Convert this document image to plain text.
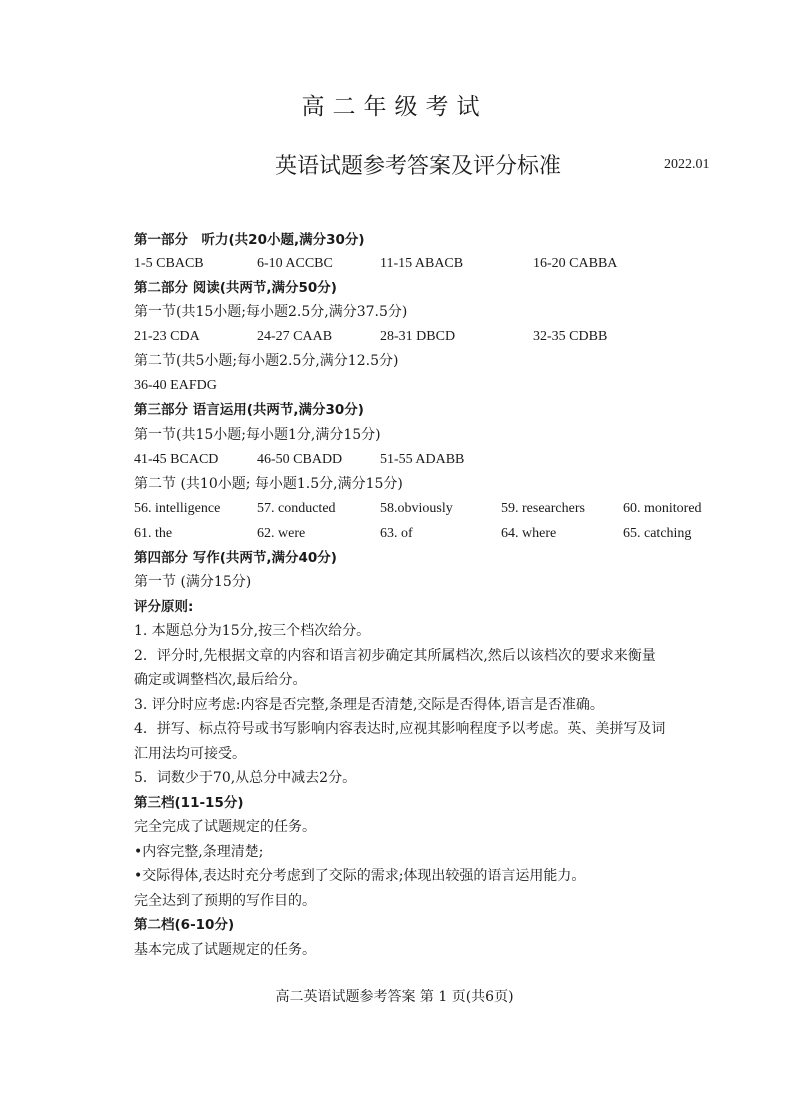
高二年级考试
英语试题参考答案及评分标准	2022.01
第一部分　听力(共20小题,满分30分)
1-5 CBACB	6-10 ACCBC	11-15 ABACB	16-20 CABBA
第二部分 阅读(共两节,满分50分)
第一节(共15小题;每小题2.5分,满分37.5分)
21-23 CDA	24-27 CAAB	28-31 DBCD	32-35 CDBB
第二节(共5小题;每小题2.5分,满分12.5分)
36-40 EAFDG
第三部分 语言运用(共两节,满分30分)
第一节(共15小题;每小题1分,满分15分)
41-45 BCACD	46-50 CBADD	51-55 ADABB
第二节 (共10小题; 每小题1.5分,满分15分)
56. intelligence	57. conducted	58.obviously	59. researchers	60. monitored
61. the	62. were	63. of	64. where	65. catching
第四部分 写作(共两节,满分40分)
第一节 (满分15分)
评分原则:
1. 本题总分为15分,按三个档次给分。
2．评分时,先根据文章的内容和语言初步确定其所属档次,然后以该档次的要求来衡量
确定或调整档次,最后给分。
3. 评分时应考虑:内容是否完整,条理是否清楚,交际是否得体,语言是否准确。
4．拼写、标点符号或书写影响内容表达时,应视其影响程度予以考虑。英、美拼写及词
汇用法均可接受。
5．词数少于70,从总分中减去2分。
第三档(11-15分)
完全完成了试题规定的任务。
•内容完整,条理清楚;
•交际得体,表达时充分考虑到了交际的需求;体现出较强的语言运用能力。
完全达到了预期的写作目的。
第二档(6-10分)
基本完成了试题规定的任务。
高二英语试题参考答案 第 1 页(共6页)
